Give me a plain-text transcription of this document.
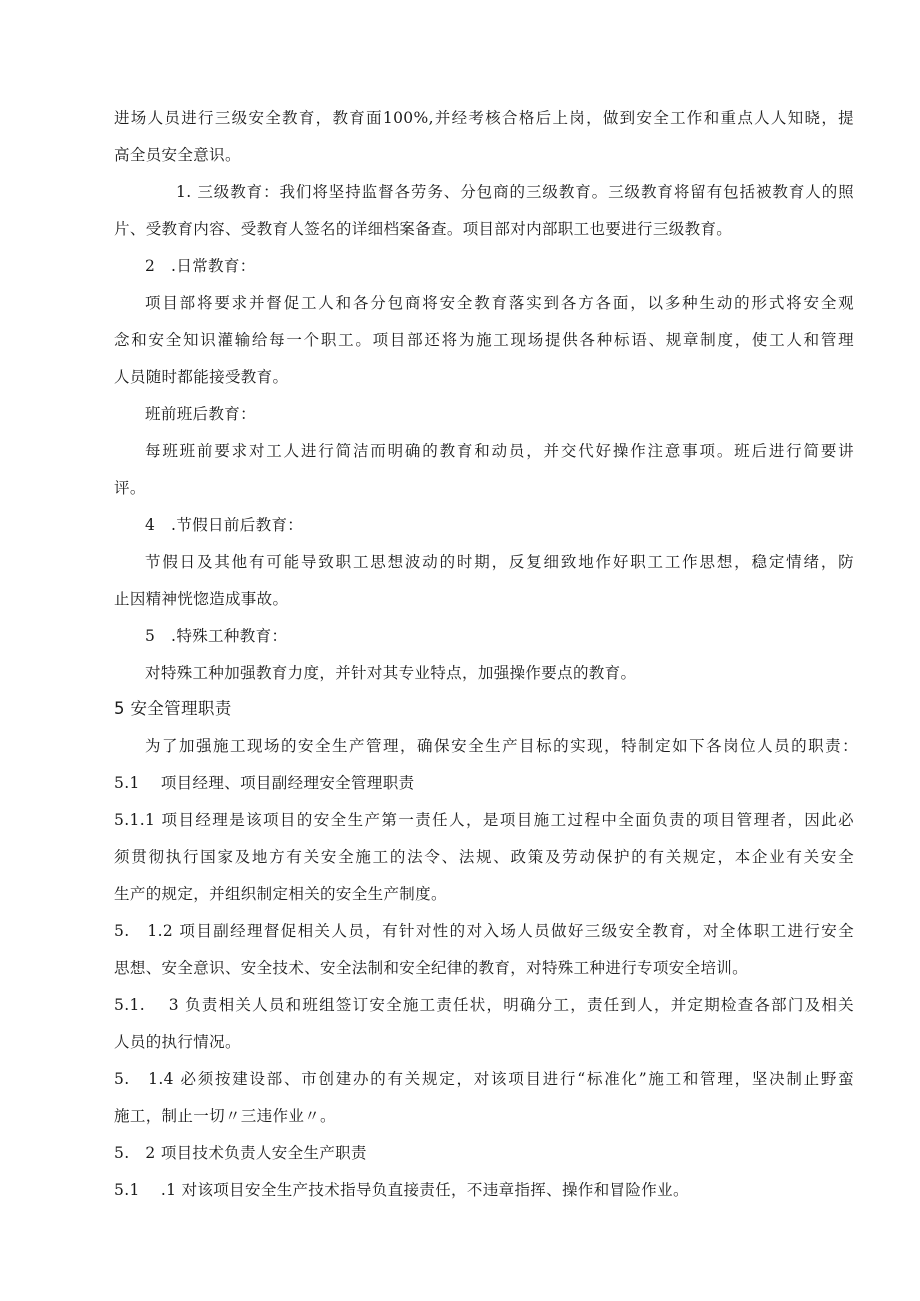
进场人员进行三级安全教育，教育面100%,并经考核合格后上岗，做到安全工作和重点人人知晓，提
高全员安全意识。
1. 三级教育：我们将坚持监督各劳务、分包商的三级教育。三级教育将留有包括被教育人的照
片、受教育内容、受教育人签名的详细档案备查。项目部对内部职工也要进行三级教育。
2　.日常教育：
项目部将要求并督促工人和各分包商将安全教育落实到各方各面，以多种生动的形式将安全观
念和安全知识灌输给每一个职工。项目部还将为施工现场提供各种标语、规章制度，使工人和管理
人员随时都能接受教育。
班前班后教育：
每班班前要求对工人进行简洁而明确的教育和动员，并交代好操作注意事项。班后进行简要讲
评。
4　.节假日前后教育：
节假日及其他有可能导致职工思想波动的时期，反复细致地作好职工工作思想，稳定情绪，防
止因精神恍惚造成事故。
5　.特殊工种教育：
对特殊工种加强教育力度，并针对其专业特点，加强操作要点的教育。
5 安全管理职责
为了加强施工现场的安全生产管理，确保安全生产目标的实现，特制定如下各岗位人员的职责：
5.1　 项目经理、项目副经理安全管理职责
5.1.1 项目经理是该项目的安全生产第一责任人，是项目施工过程中全面负责的项目管理者，因此必
须贯彻执行国家及地方有关安全施工的法令、法规、政策及劳动保护的有关规定，本企业有关安全
生产的规定，并组织制定相关的安全生产制度。
5.　1.2 项目副经理督促相关人员，有针对性的对入场人员做好三级安全教育，对全体职工进行安全
思想、安全意识、安全技术、安全法制和安全纪律的教育，对特殊工种进行专项安全培训。
5.1.　 3 负责相关人员和班组签订安全施工责任状，明确分工，责任到人，并定期检查各部门及相关
人员的执行情况。
5.　1.4 必须按建设部、市创建办的有关规定，对该项目进行“标准化”施工和管理，坚决制止野蛮
施工，制止一切〃三违作业〃。
5.　2 项目技术负责人安全生产职责
5.1　 .1 对该项目安全生产技术指导负直接责任，不违章指挥、操作和冒险作业。
